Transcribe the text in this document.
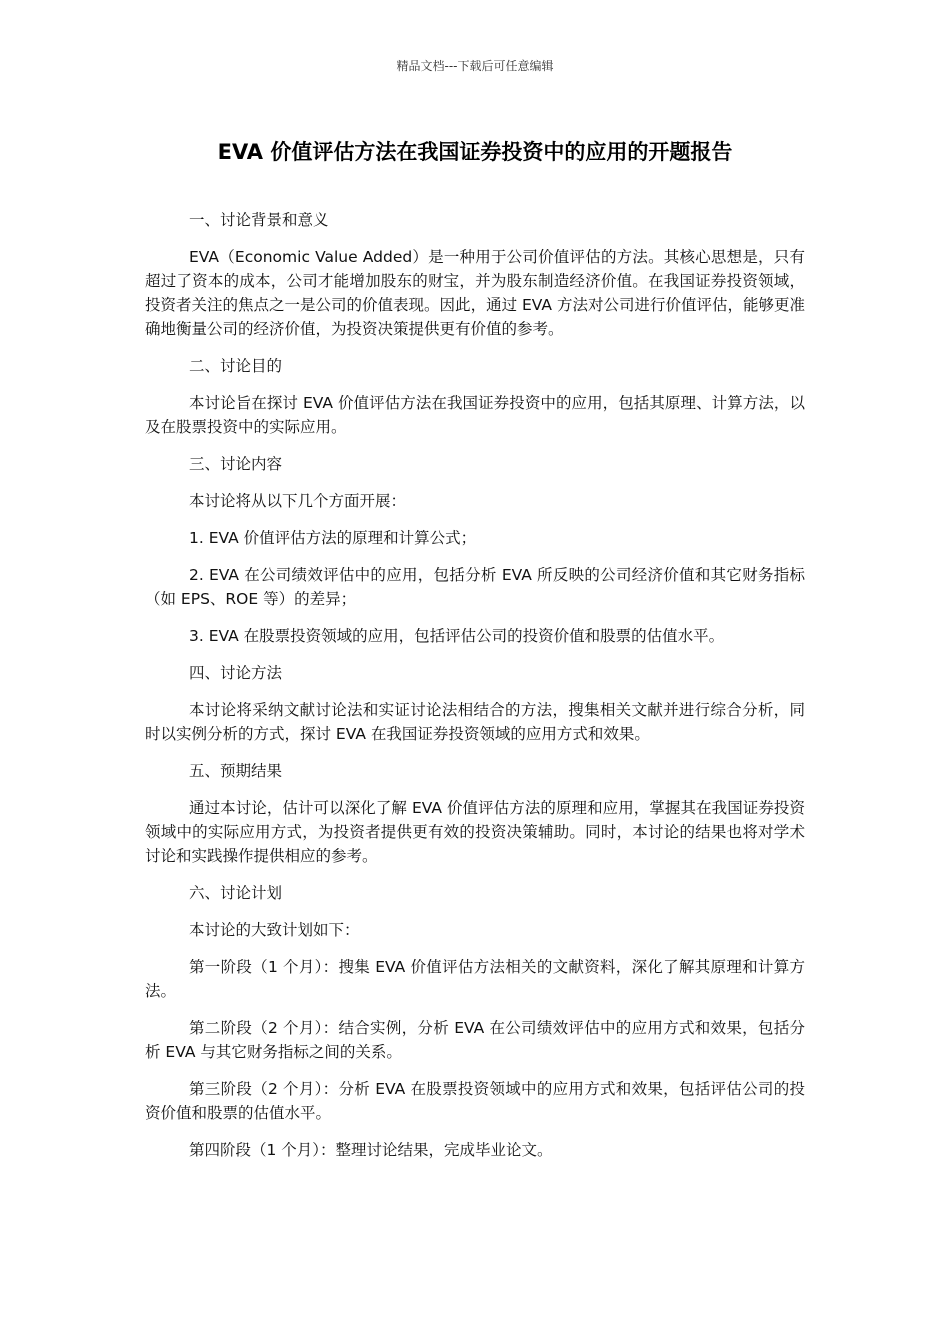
精品文档---下载后可任意编辑
EVA 价值评估方法在我国证券投资中的应用的开题报告

一、讨论背景和意义

EVA（Economic Value Added）是一种用于公司价值评估的方法。其核心思想是，只有超过了资本的成本，公司才能增加股东的财宝，并为股东制造经济价值。在我国证券投资领域，投资者关注的焦点之一是公司的价值表现。因此，通过 EVA 方法对公司进行价值评估，能够更准确地衡量公司的经济价值，为投资决策提供更有价值的参考。

二、讨论目的

本讨论旨在探讨 EVA 价值评估方法在我国证券投资中的应用，包括其原理、计算方法，以及在股票投资中的实际应用。

三、讨论内容

本讨论将从以下几个方面开展：

1. EVA 价值评估方法的原理和计算公式；

2. EVA 在公司绩效评估中的应用，包括分析 EVA 所反映的公司经济价值和其它财务指标（如 EPS、ROE 等）的差异；

3. EVA 在股票投资领域的应用，包括评估公司的投资价值和股票的估值水平。

四、讨论方法

本讨论将采纳文献讨论法和实证讨论法相结合的方法，搜集相关文献并进行综合分析，同时以实例分析的方式，探讨 EVA 在我国证券投资领域的应用方式和效果。

五、预期结果

通过本讨论，估计可以深化了解 EVA 价值评估方法的原理和应用，掌握其在我国证券投资领域中的实际应用方式，为投资者提供更有效的投资决策辅助。同时，本讨论的结果也将对学术讨论和实践操作提供相应的参考。

六、讨论计划

本讨论的大致计划如下：

第一阶段（1 个月）：搜集 EVA 价值评估方法相关的文献资料，深化了解其原理和计算方法。

第二阶段（2 个月）：结合实例，分析 EVA 在公司绩效评估中的应用方式和效果，包括分析 EVA 与其它财务指标之间的关系。

第三阶段（2 个月）：分析 EVA 在股票投资领域中的应用方式和效果，包括评估公司的投资价值和股票的估值水平。

第四阶段（1 个月）：整理讨论结果，完成毕业论文。
